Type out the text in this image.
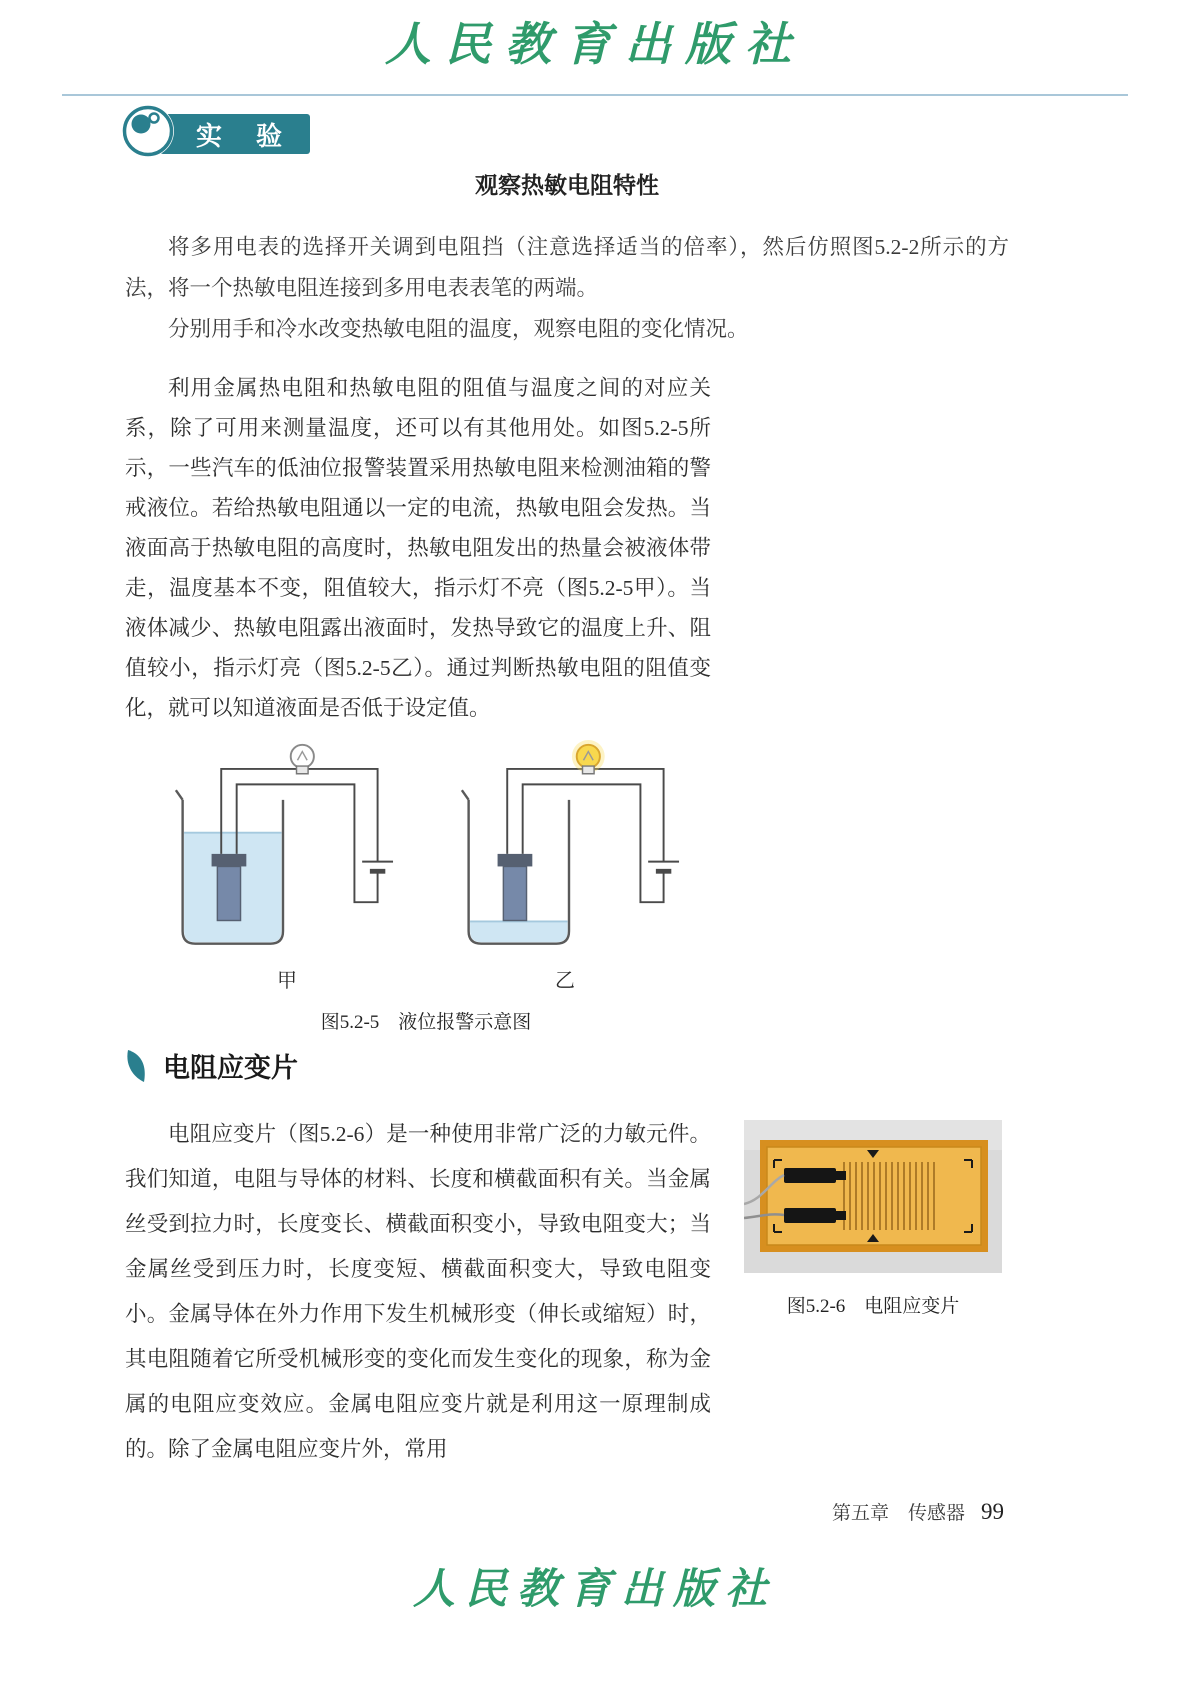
人民教育出版社
实　验
观察热敏电阻特性

将多用电表的选择开关调到电阻挡（注意选择适当的倍率），然后仿照图5.2-2所示的方法，将一个热敏电阻连接到多用电表表笔的两端。

分别用手和冷水改变热敏电阻的温度，观察电阻的变化情况。

利用金属热电阻和热敏电阻的阻值与温度之间的对应关系，除了可用来测量温度，还可以有其他用处。如图5.2-5所示，一些汽车的低油位报警装置采用热敏电阻来检测油箱的警戒液位。若给热敏电阻通以一定的电流，热敏电阻会发热。当液面高于热敏电阻的高度时，热敏电阻发出的热量会被液体带走，温度基本不变，阻值较大，指示灯不亮（图5.2-5甲）。当液体减少、热敏电阻露出液面时，发热导致它的温度上升、阻值较小，指示灯亮（图5.2-5乙）。通过判断热敏电阻的阻值变化，就可以知道液面是否低于设定值。

甲	乙
图5.2-5　液位报警示意图
电阻应变片

电阻应变片（图5.2-6）是一种使用非常广泛的力敏元件。我们知道，电阻与导体的材料、长度和横截面积有关。当金属丝受到拉力时，长度变长、横截面积变小，导致电阻变大；当金属丝受到压力时，长度变短、横截面积变大，导致电阻变小。金属导体在外力作用下发生机械形变（伸长或缩短）时，其电阻随着它所受机械形变的变化而发生变化的现象，称为金属的电阻应变效应。金属电阻应变片就是利用这一原理制成的。除了金属电阻应变片外，常用

图5.2-6　电阻应变片
第五章　传感器 99
人民教育出版社
